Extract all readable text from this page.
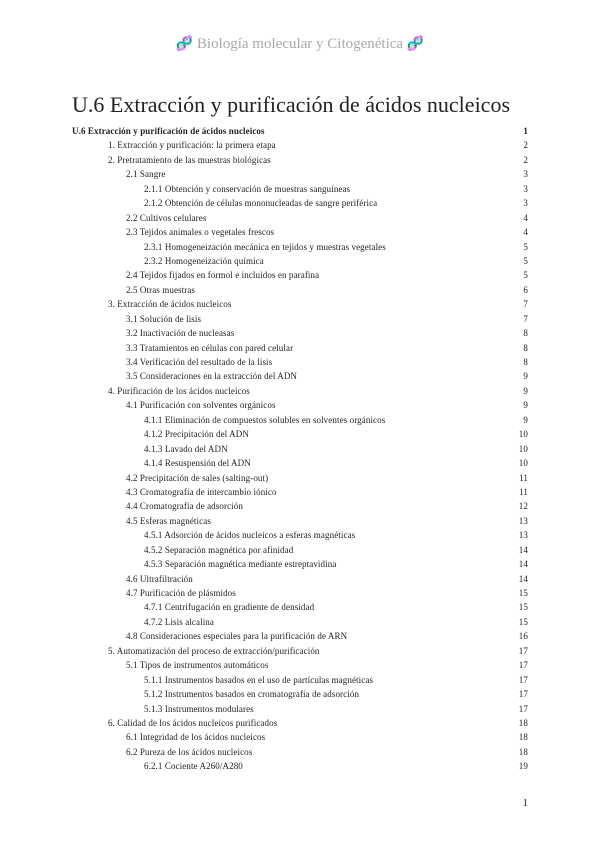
🧬 Biología molecular y Citogenética 🧬
U.6 Extracción y purificación de ácidos nucleicos
U.6 Extracción y purificación de ácidos nucleicos	1
1. Extracción y purificación: la primera etapa	2
2. Pretratamiento de las muestras biológicas	2
2.1 Sangre	3
2.1.1 Obtención y conservación de muestras sanguíneas	3
2.1.2 Obtención de células mononucleadas de sangre periférica	3
2.2 Cultivos celulares	4
2.3 Tejidos animales o vegetales frescos	4
2.3.1 Homogeneización mecánica en tejidos y muestras vegetales	5
2.3.2 Homogeneización química	5
2.4 Tejidos fijados en formol e incluidos en parafina	5
2.5 Otras muestras	6
3. Extracción de ácidos nucleicos	7
3.1 Solución de lisis	7
3.2 Inactivación de nucleasas	8
3.3 Tratamientos en células con pared celular	8
3.4 Verificación del resultado de la lisis	8
3.5 Consideraciones en la extracción del ADN	9
4. Purificación de los ácidos nucleicos	9
4.1 Purificación con solventes orgánicos	9
4.1.1 Eliminación de compuestos solubles en solventes orgánicos	9
4.1.2 Precipitación del ADN	10
4.1.3 Lavado del ADN	10
4.1.4 Resuspensión del ADN	10
4.2 Precipitación de sales (salting-out)	11
4.3 Cromatografía de intercambio iónico	11
4.4 Cromatografía de adsorción	12
4.5 Esferas magnéticas	13
4.5.1 Adsorción de ácidos nucleicos a esferas magnéticas	13
4.5.2 Separación magnética por afinidad	14
4.5.3 Separación magnética mediante estreptavidina	14
4.6 Ultrafiltración	14
4.7 Purificación de plásmidos	15
4.7.1 Centrifugación en gradiente de densidad	15
4.7.2 Lisis alcalina	15
4.8 Consideraciones especiales para la purificación de ARN	16
5. Automatización del proceso de extracción/purificación	17
5.1 Tipos de instrumentos automáticos	17
5.1.1 Instrumentos basados en el uso de partículas magnéticas	17
5.1.2 Instrumentos basados en cromatografía de adsorción	17
5.1.3 Instrumentos modulares	17
6. Calidad de los ácidos nucleicos purificados	18
6.1 Integridad de los ácidos nucleicos	18
6.2 Pureza de los ácidos nucleicos	18
6.2.1 Cociente A260/A280	19
1
